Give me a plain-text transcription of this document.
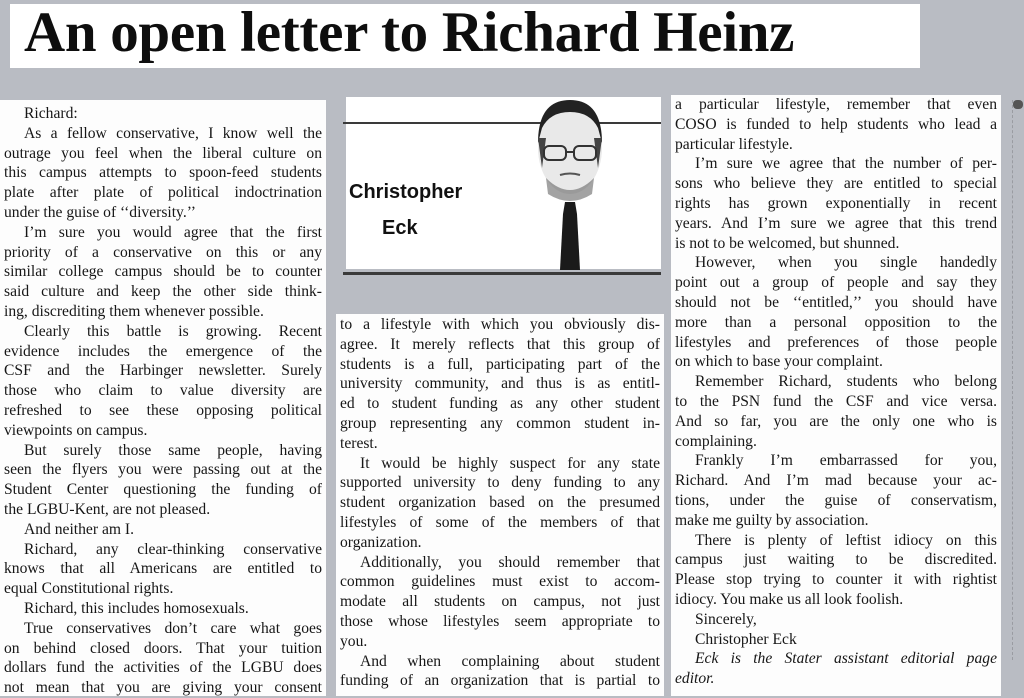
An open letter to Richard Heinz
Richard:
As a fellow conservative, I know well the
outrage you feel when the liberal culture on
this campus attempts to spoon-feed students
plate after plate of political indoctrination
under the guise of ‘‘diversity.’’
I’m sure you would agree that the first
priority of a conservative on this or any
similar college campus should be to counter
said culture and keep the other side think-
ing, discrediting them whenever possible.
Clearly this battle is growing. Recent
evidence includes the emergence of the
CSF and the Harbinger newsletter. Surely
those who claim to value diversity are
refreshed to see these opposing political
viewpoints on campus.
But surely those same people, having
seen the flyers you were passing out at the
Student Center questioning the funding of
the LGBU-Kent, are not pleased.
And neither am I.
Richard, any clear-thinking conservative
knows that all Americans are entitled to
equal Constitutional rights.
Richard, this includes homosexuals.
True conservatives don’t care what goes
on behind closed doors. That your tuition
dollars fund the activities of the LGBU does
not mean that you are giving your consent
Christopher
Eck
to a lifestyle with which you obviously dis-
agree. It merely reflects that this group of
students is a full, participating part of the
university community, and thus is as entitl-
ed to student funding as any other student
group representing any common student in-
terest.
It would be highly suspect for any state
supported university to deny funding to any
student organization based on the presumed
lifestyles of some of the members of that
organization.
Additionally, you should remember that
common guidelines must exist to accom-
modate all students on campus, not just
those whose lifestyles seem appropriate to
you.
And when complaining about student
funding of an organization that is partial to
a particular lifestyle, remember that even
COSO is funded to help students who lead a
particular lifestyle.
I’m sure we agree that the number of per-
sons who believe they are entitled to special
rights has grown exponentially in recent
years. And I’m sure we agree that this trend
is not to be welcomed, but shunned.
However, when you single handedly
point out a group of people and say they
should not be ‘‘entitled,’’ you should have
more than a personal opposition to the
lifestyles and preferences of those people
on which to base your complaint.
Remember Richard, students who belong
to the PSN fund the CSF and vice versa.
And so far, you are the only one who is
complaining.
Frankly I’m embarrassed for you,
Richard. And I’m mad because your ac-
tions, under the guise of conservatism,
make me guilty by association.
There is plenty of leftist idiocy on this
campus just waiting to be discredited.
Please stop trying to counter it with rightist
idiocy. You make us all look foolish.
Sincerely,
Christopher Eck
Eck is the Stater assistant editorial page
editor.
